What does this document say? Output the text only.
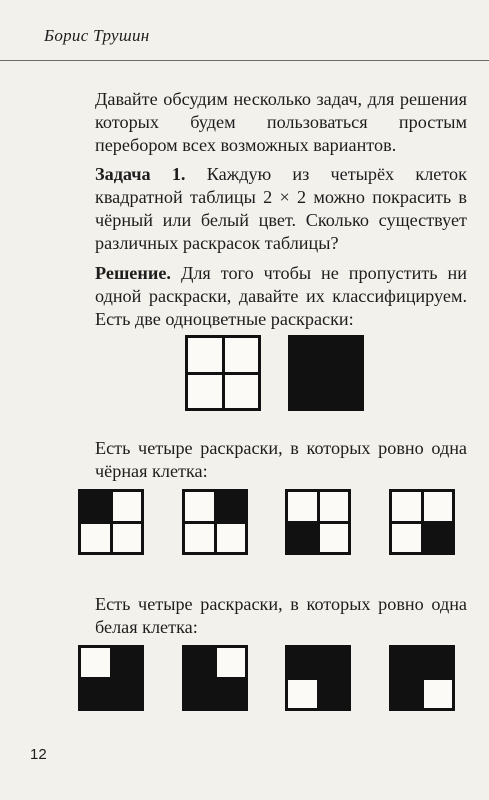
Борис Трушин
Давайте обсудим несколько задач, для решения которых будем пользоваться простым перебором всех возможных вариантов.
Задача 1. Каждую из четырёх клеток квадратной таблицы 2 × 2 можно покрасить в чёрный или белый цвет. Сколько существует различных раскрасок таблицы?
Решение. Для того чтобы не пропустить ни одной раскраски, давайте их классифицируем. Есть две одноцветные раскраски:
Есть четыре раскраски, в которых ровно одна чёрная клетка:
Есть четыре раскраски, в которых ровно одна белая клетка:
12
